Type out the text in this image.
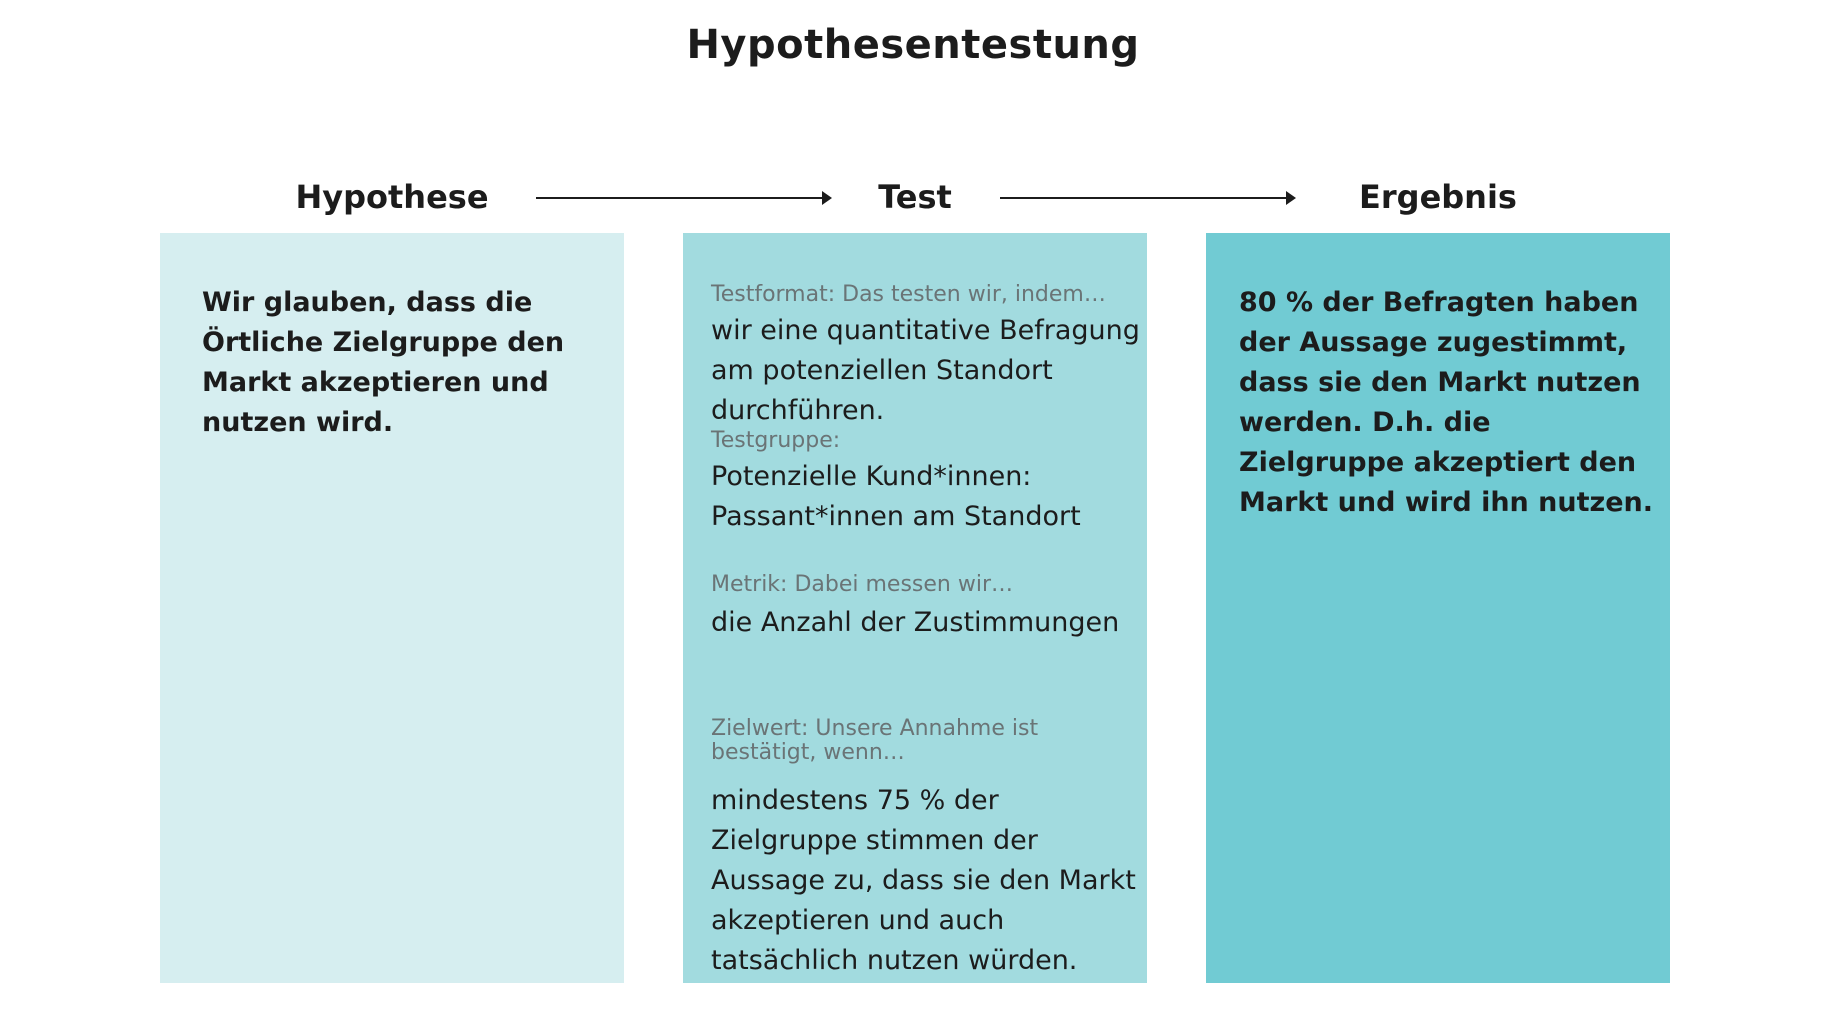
Hypothesentestung
Hypothese	Test	Ergebnis
Wir glauben, dass die Örtliche Zielgruppe den Markt akzeptieren und nutzen wird.
Testformat: Das testen wir, indem…
wir eine quantitative Befragung am potenziellen Standort durchführen.
Testgruppe:
Potenzielle Kund*innen: Passant*innen am Standort
Metrik: Dabei messen wir…
die Anzahl der Zustimmungen
Zielwert: Unsere Annahme ist bestätigt, wenn…
mindestens 75 % der Zielgruppe stimmen der Aussage zu, dass sie den Markt akzeptieren und auch tatsächlich nutzen würden.
80 % der Befragten haben der Aussage zugestimmt, dass sie den Markt nutzen werden. D.h. die Zielgruppe akzeptiert den Markt und wird ihn nutzen.
